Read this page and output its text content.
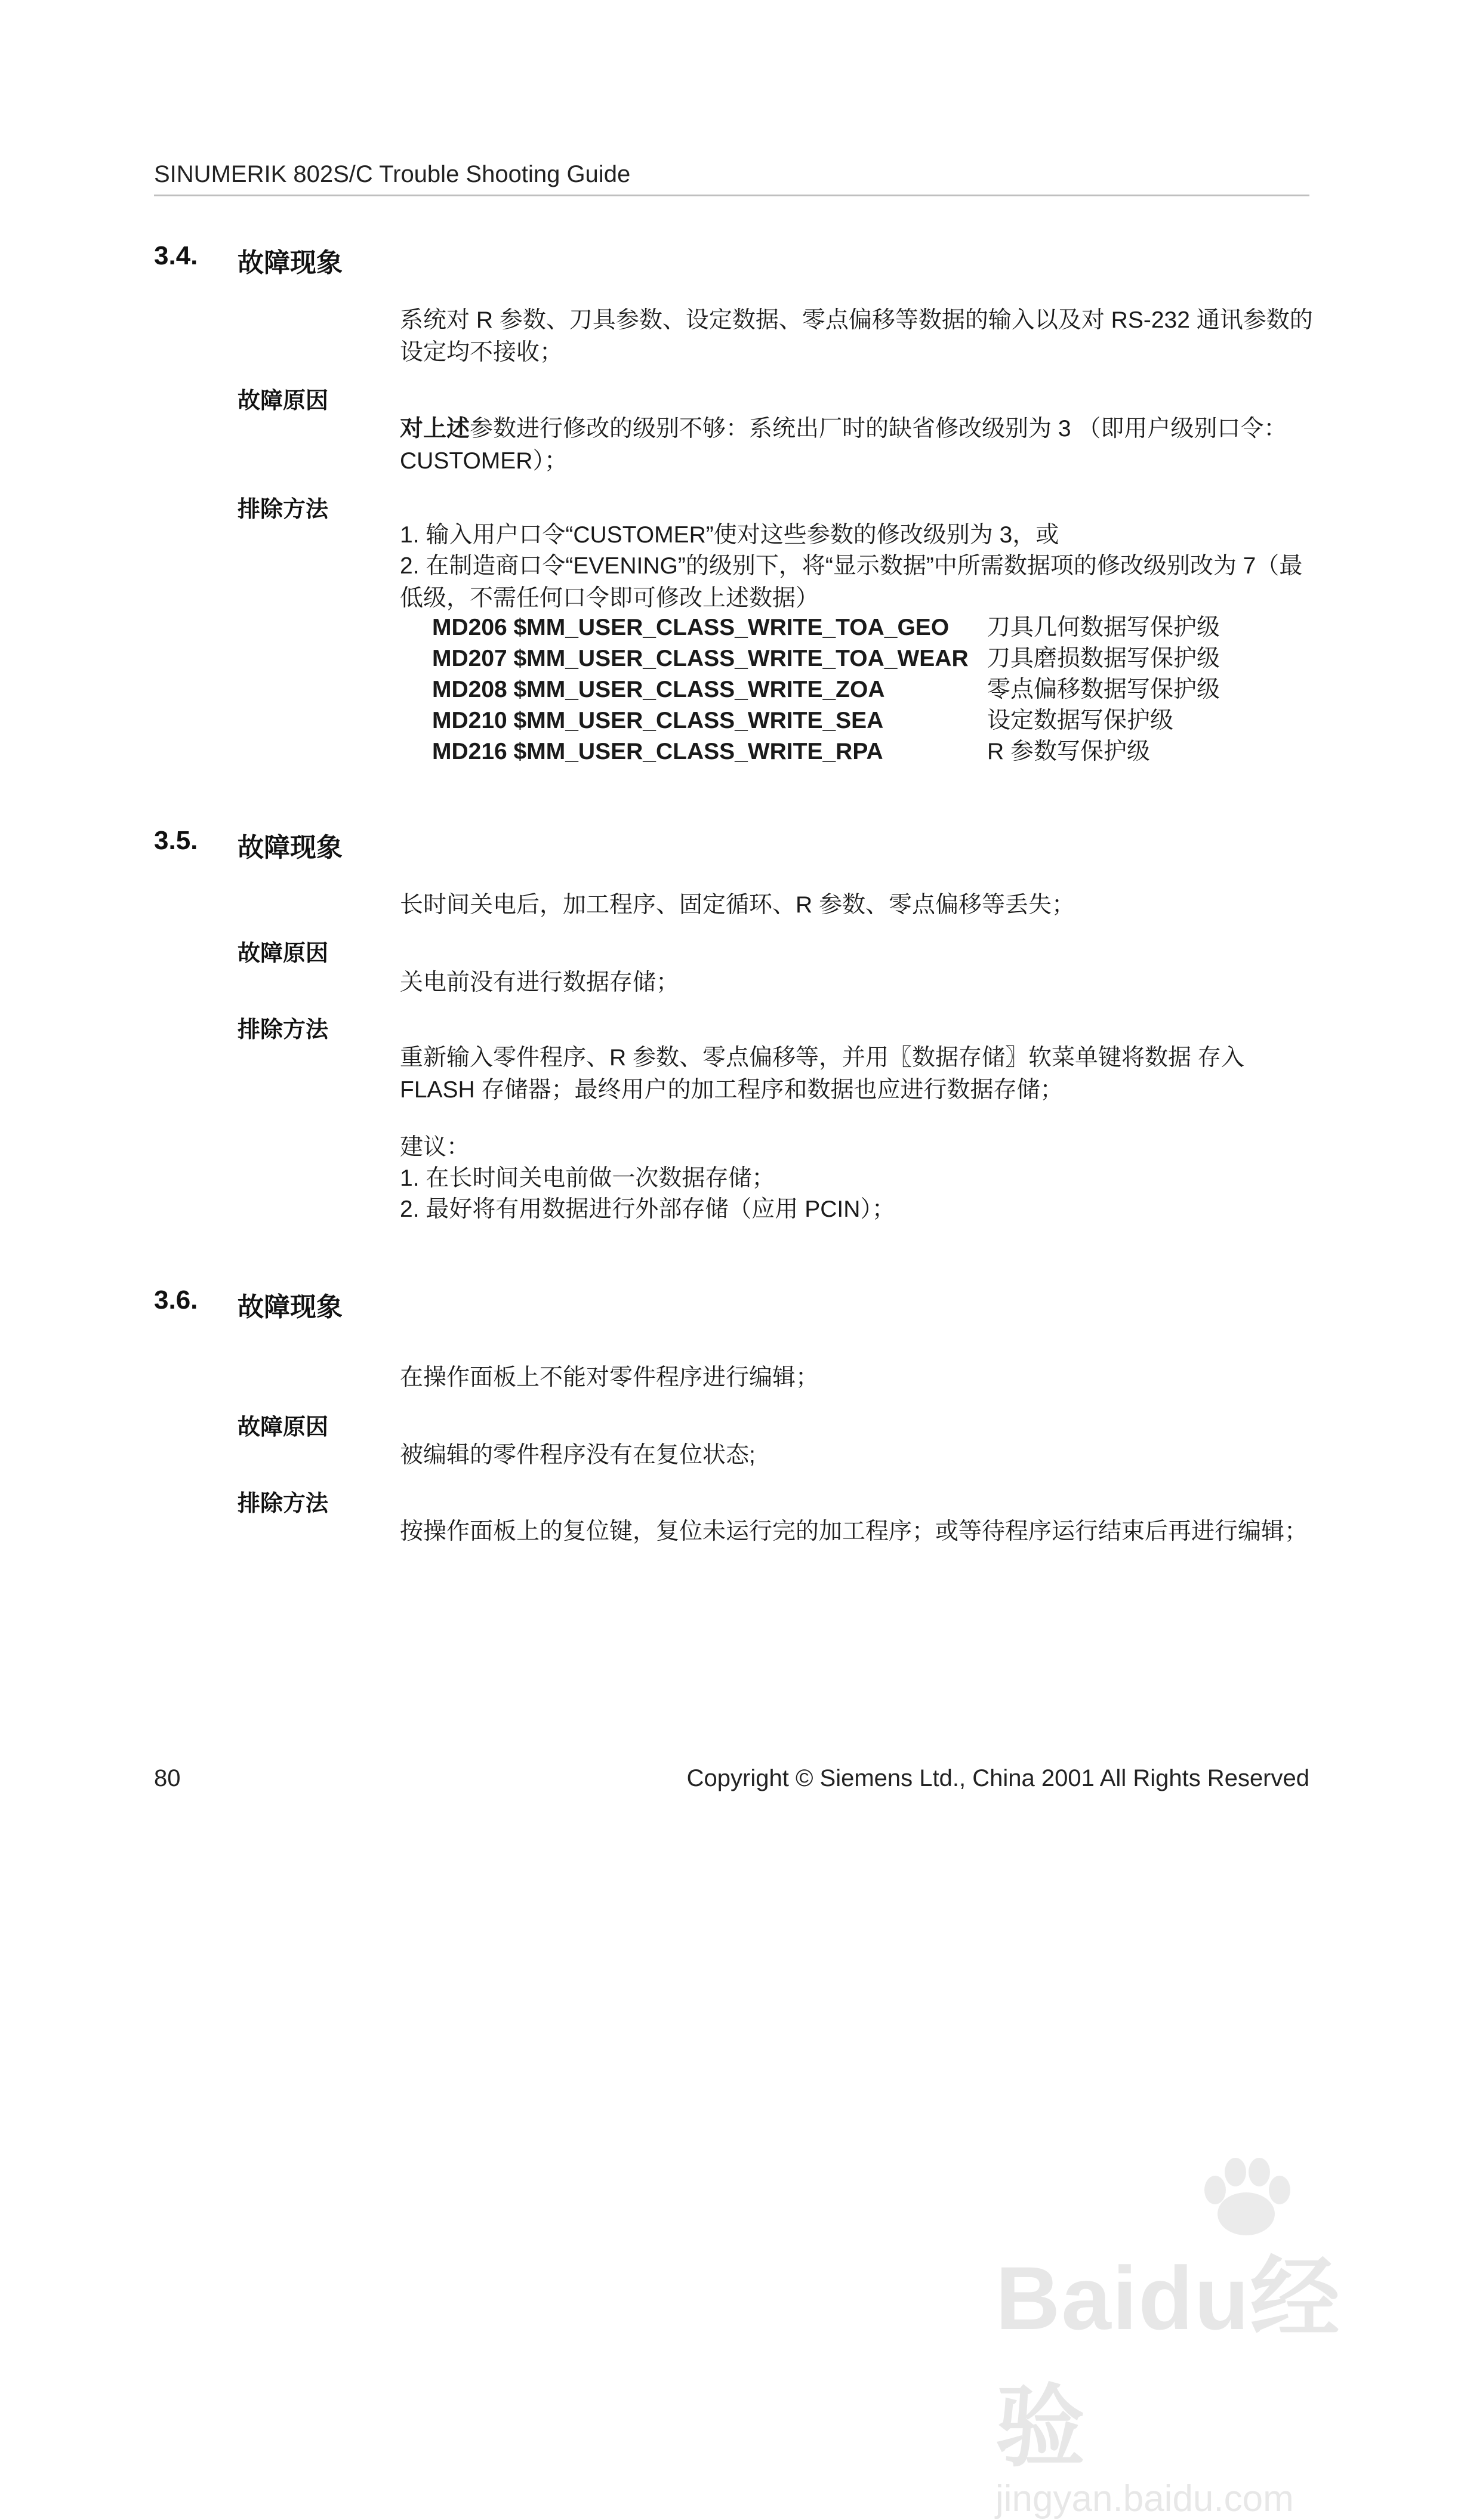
SINUMERIK 802S/C Trouble Shooting Guide
3.4. 故障现象
系统对 R 参数、刀具参数、设定数据、零点偏移等数据的输入以及对 RS-232 通讯参数的设定均不接收；
故障原因
对上述参数进行修改的级别不够：系统出厂时的缺省修改级别为 3 （即用户级别口令：CUSTOMER）；
排除方法
1. 输入用户口令“CUSTOMER”使对这些参数的修改级别为 3，或
2. 在制造商口令“EVENING”的级别下，将“显示数据”中所需数据项的修改级别改为 7（最低级，不需任何口令即可修改上述数据）
MD206 $MM_USER_CLASS_WRITE_TOA_GEO 刀具几何数据写保护级
MD207 $MM_USER_CLASS_WRITE_TOA_WEAR 刀具磨损数据写保护级
MD208 $MM_USER_CLASS_WRITE_ZOA	零点偏移数据写保护级
MD210 $MM_USER_CLASS_WRITE_SEA	设定数据写保护级
MD216 $MM_USER_CLASS_WRITE_RPA	R 参数写保护级
3.5. 故障现象
长时间关电后，加工程序、固定循环、R 参数、零点偏移等丢失；
故障原因
关电前没有进行数据存储；
排除方法
重新输入零件程序、R 参数、零点偏移等，并用〖数据存储〗软菜单键将数据 存入 FLASH 存储器；最终用户的加工程序和数据也应进行数据存储；
建议：
1. 在长时间关电前做一次数据存储；
2. 最好将有用数据进行外部存储（应用 PCIN）；
3.6. 故障现象
在操作面板上不能对零件程序进行编辑；
故障原因
被编辑的零件程序没有在复位状态;
排除方法
按操作面板上的复位键，复位未运行完的加工程序；或等待程序运行结束后再进行编辑；
80	Copyright © Siemens Ltd., China 2001 All Rights Reserved
Baidu经验
jingyan.baidu.com
